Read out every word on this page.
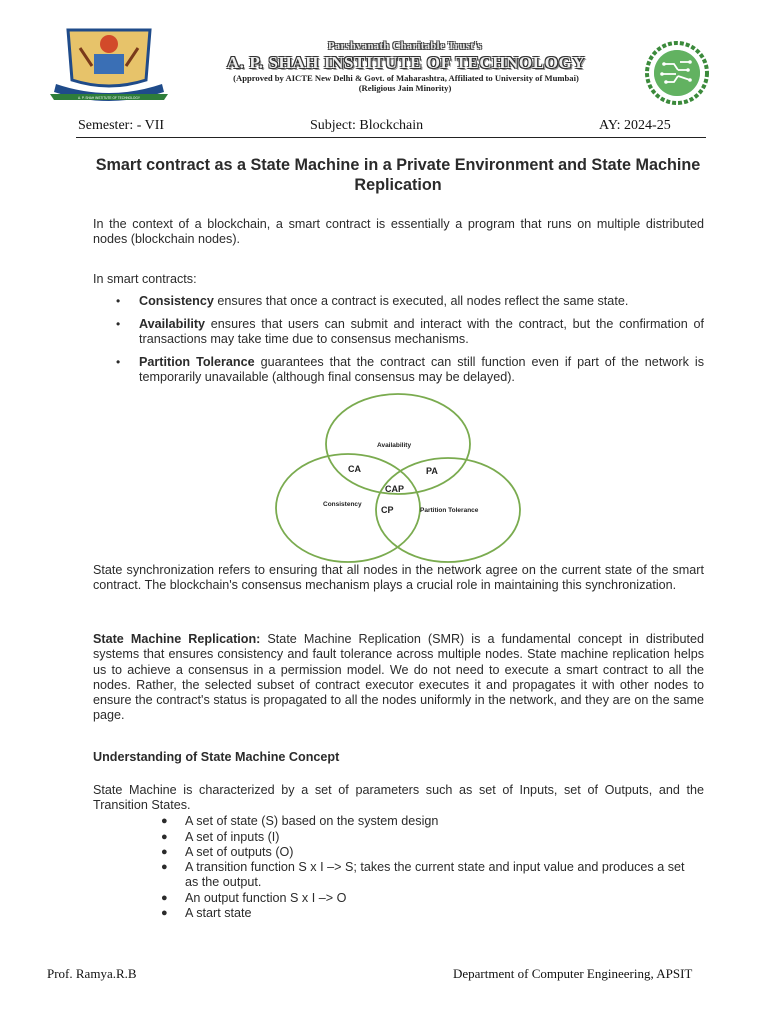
A. P. SHAH INSTITUTE OF TECHNOLOGY
Parshvanath Charitable Trust's
A. P. SHAH INSTITUTE OF TECHNOLOGY
(Approved by AICTE New Delhi & Govt. of Maharashtra, Affiliated to University of Mumbai)
(Religious Jain Minority)
Semester: - VII	Subject: Blockchain	AY: 2024-25
Smart contract as a State Machine in a Private Environment and State Machine Replication
In the context of a blockchain, a smart contract is essentially a program that runs on multiple distributed nodes (blockchain nodes).
In smart contracts:
• Consistency ensures that once a contract is executed, all nodes reflect the same state.
• Availability ensures that users can submit and interact with the contract, but the confirmation of transactions may take time due to consensus mechanisms.
• Partition Tolerance guarantees that the contract can still function even if part of the network is temporarily unavailable (although final consensus may be delayed).
Availability
Consistency
Partition Tolerance
CA	PA
CAP
CP
State synchronization refers to ensuring that all nodes in the network agree on the current state of the smart contract. The blockchain's consensus mechanism plays a crucial role in maintaining this synchronization.
State Machine Replication: State Machine Replication (SMR) is a fundamental concept in distributed systems that ensures consistency and fault tolerance across multiple nodes. State machine replication helps us to achieve a consensus in a permission model. We do not need to execute a smart contract to all the nodes. Rather, the selected subset of contract executor executes it and propagates it with other nodes to ensure the contract's status is propagated to all the nodes uniformly in the network, and they are on the same page.
Understanding of State Machine Concept
State Machine is characterized by a set of parameters such as set of Inputs, set of Outputs, and the Transition States.
● A set of state (S) based on the system design
● A set of inputs (I)
● A set of outputs (O)
● A transition function S x I –> S; takes the current state and input value and produces a set as the output.
● An output function S x I –> O
● A start state
Prof. Ramya.R.B	Department of Computer Engineering, APSIT
